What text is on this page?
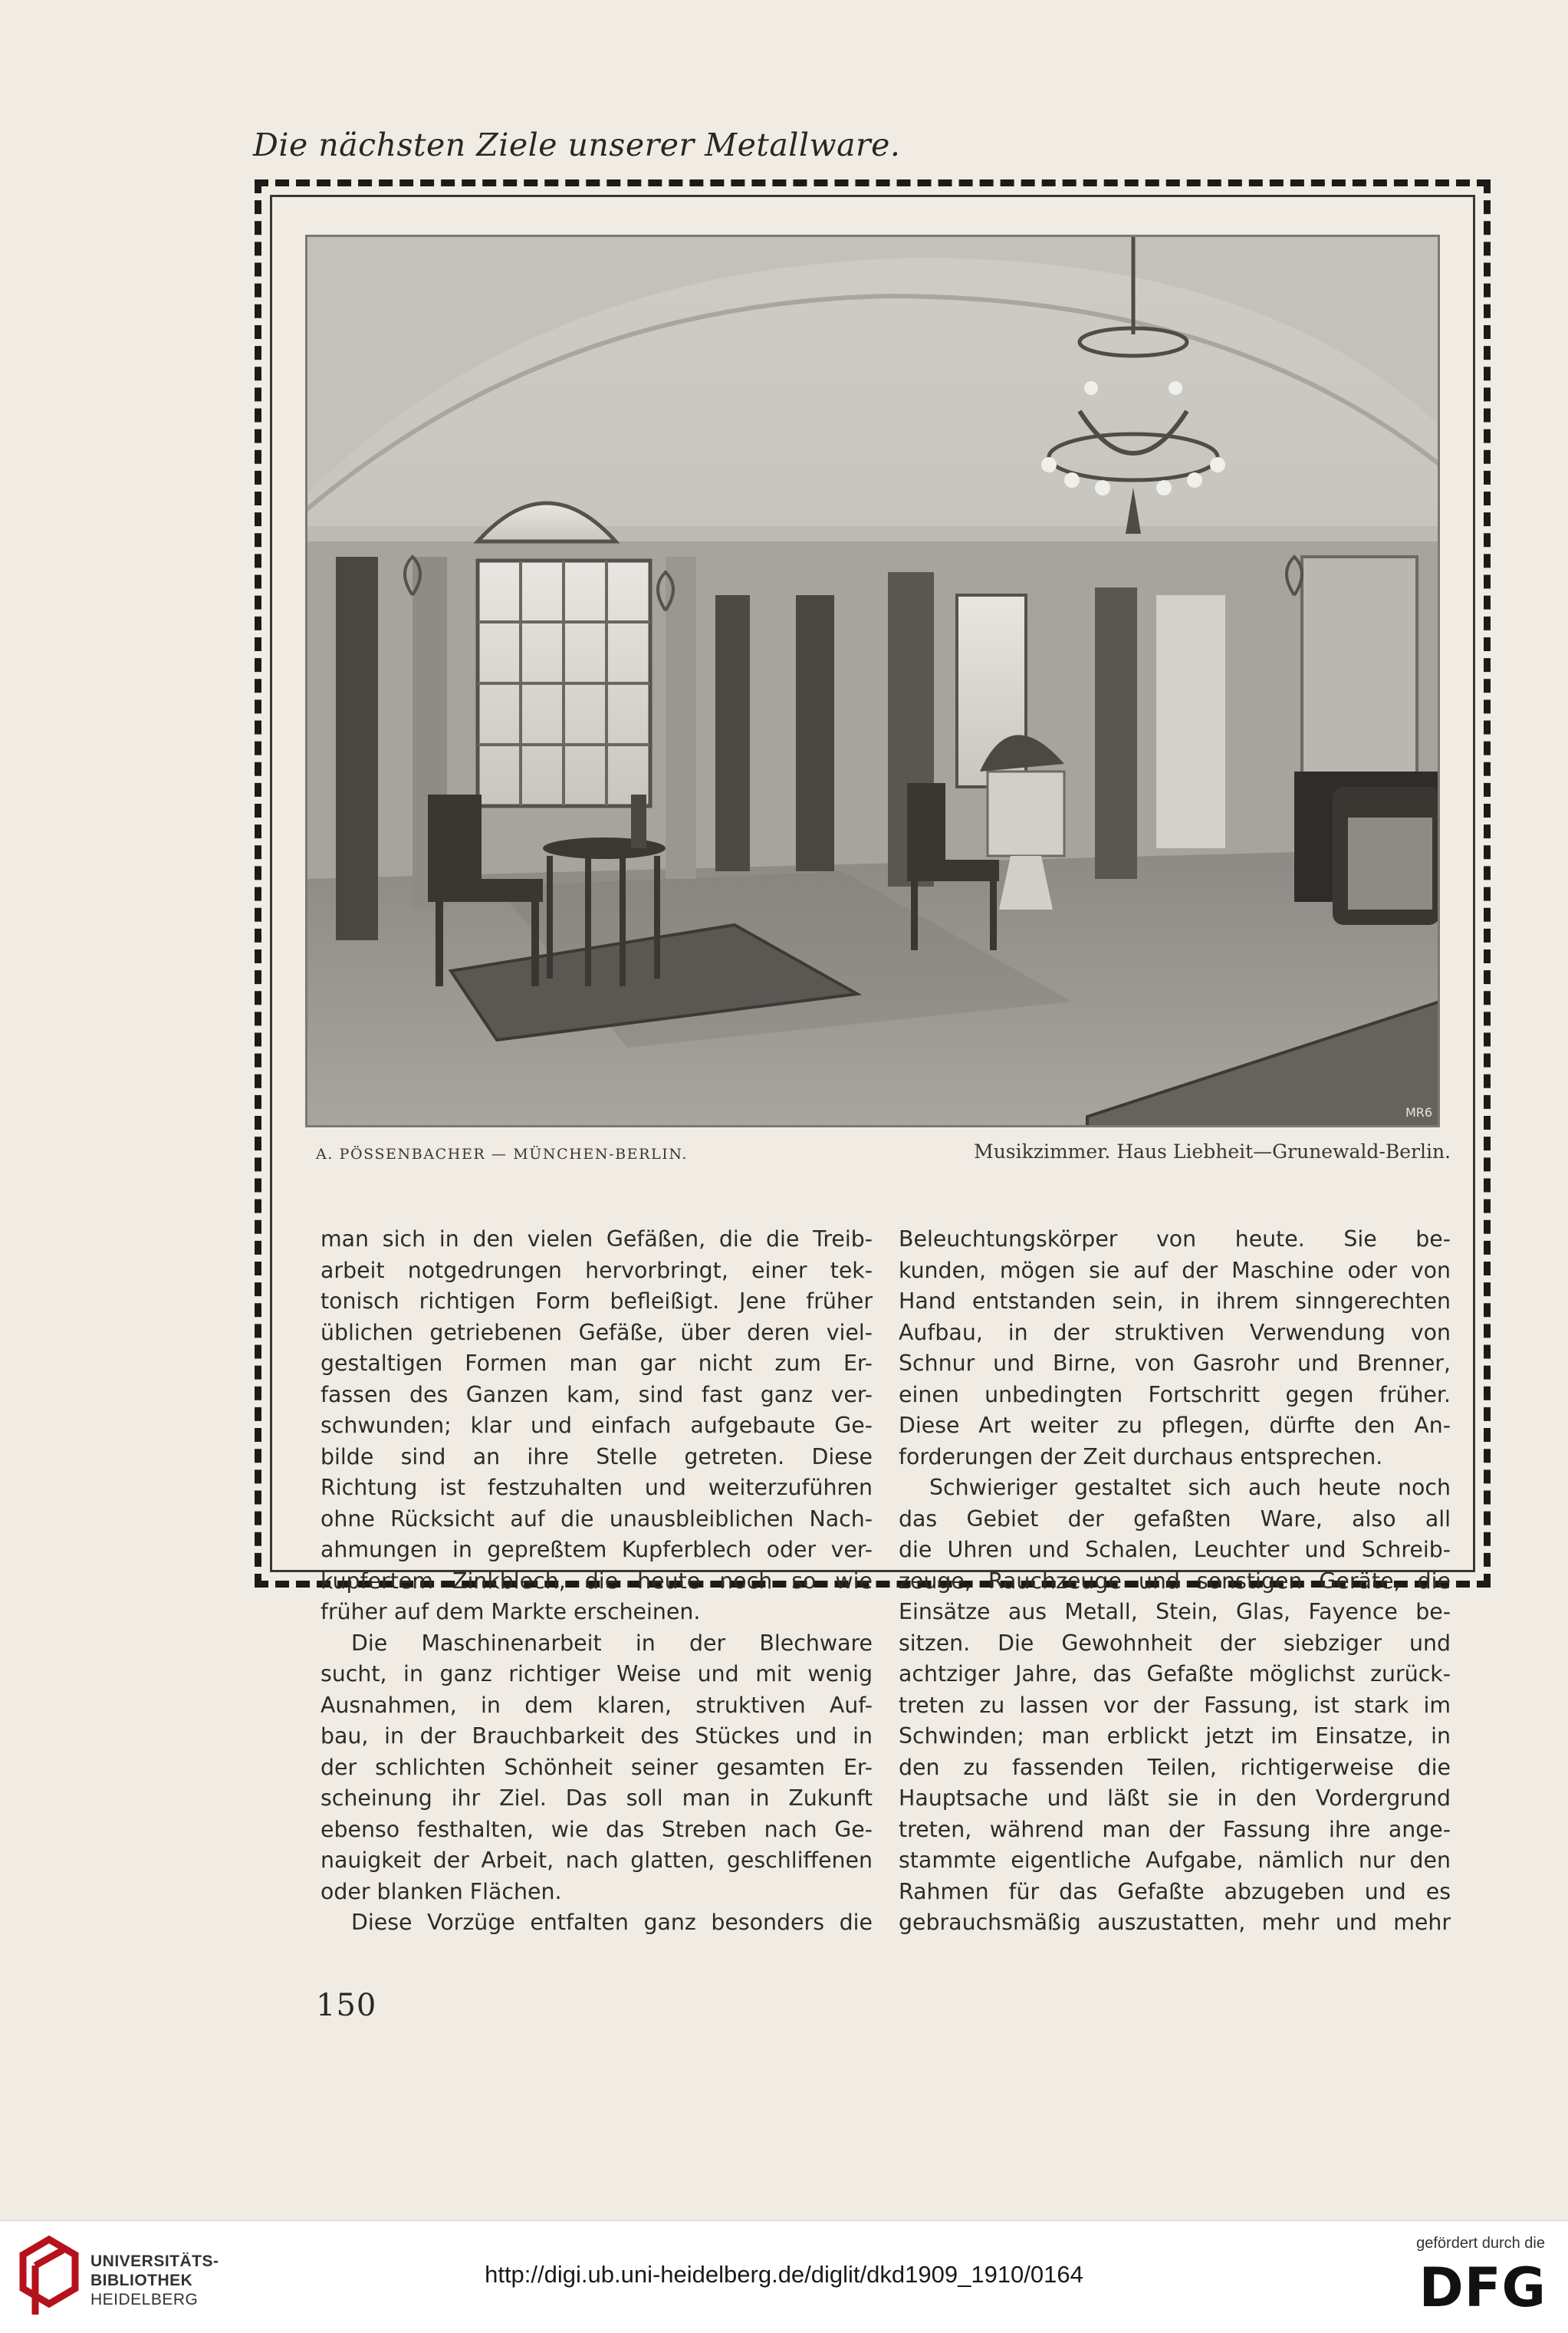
Die nächsten Ziele unserer Metallware.
MR6
A. PÖSSENBACHER — MÜNCHEN-BERLIN.	Musikzimmer. Haus Liebheit—Grunewald-Berlin.
man sich in den vielen Gefäßen, die die Treib-
arbeit notgedrungen hervorbringt, einer tek-
tonisch richtigen Form befleißigt. Jene früher
üblichen getriebenen Gefäße, über deren viel-
gestaltigen Formen man gar nicht zum Er-
fassen des Ganzen kam, sind fast ganz ver-
schwunden; klar und einfach aufgebaute Ge-
bilde sind an ihre Stelle getreten. Diese
Richtung ist festzuhalten und weiterzuführen
ohne Rücksicht auf die unausbleiblichen Nach-
ahmungen in gepreßtem Kupferblech oder ver-
kupfertem Zinkblech, die heute noch so wie
früher auf dem Markte erscheinen.
Die Maschinenarbeit in der Blechware
sucht, in ganz richtiger Weise und mit wenig
Ausnahmen, in dem klaren, struktiven Auf-
bau, in der Brauchbarkeit des Stückes und in
der schlichten Schönheit seiner gesamten Er-
scheinung ihr Ziel. Das soll man in Zukunft
ebenso festhalten, wie das Streben nach Ge-
nauigkeit der Arbeit, nach glatten, geschliffenen
oder blanken Flächen.
Diese Vorzüge entfalten ganz besonders die
Beleuchtungskörper von heute. Sie be-
kunden, mögen sie auf der Maschine oder von
Hand entstanden sein, in ihrem sinngerechten
Aufbau, in der struktiven Verwendung von
Schnur und Birne, von Gasrohr und Brenner,
einen unbedingten Fortschritt gegen früher.
Diese Art weiter zu pflegen, dürfte den An-
forderungen der Zeit durchaus entsprechen.
Schwieriger gestaltet sich auch heute noch
das Gebiet der gefaßten Ware, also all
die Uhren und Schalen, Leuchter und Schreib-
zeuge, Rauchzeuge und sonstigen Geräte, die
Einsätze aus Metall, Stein, Glas, Fayence be-
sitzen. Die Gewohnheit der siebziger und
achtziger Jahre, das Gefaßte möglichst zurück-
treten zu lassen vor der Fassung, ist stark im
Schwinden; man erblickt jetzt im Einsatze, in
den zu fassenden Teilen, richtigerweise die
Hauptsache und läßt sie in den Vordergrund
treten, während man der Fassung ihre ange-
stammte eigentliche Aufgabe, nämlich nur den
Rahmen für das Gefaßte abzugeben und es
gebrauchsmäßig auszustatten, mehr und mehr
150
UNIVERSITÄTS-
BIBLIOTHEK
HEIDELBERG
http://digi.ub.uni-heidelberg.de/diglit/dkd1909_1910/0164
gefördert durch die
DFG
